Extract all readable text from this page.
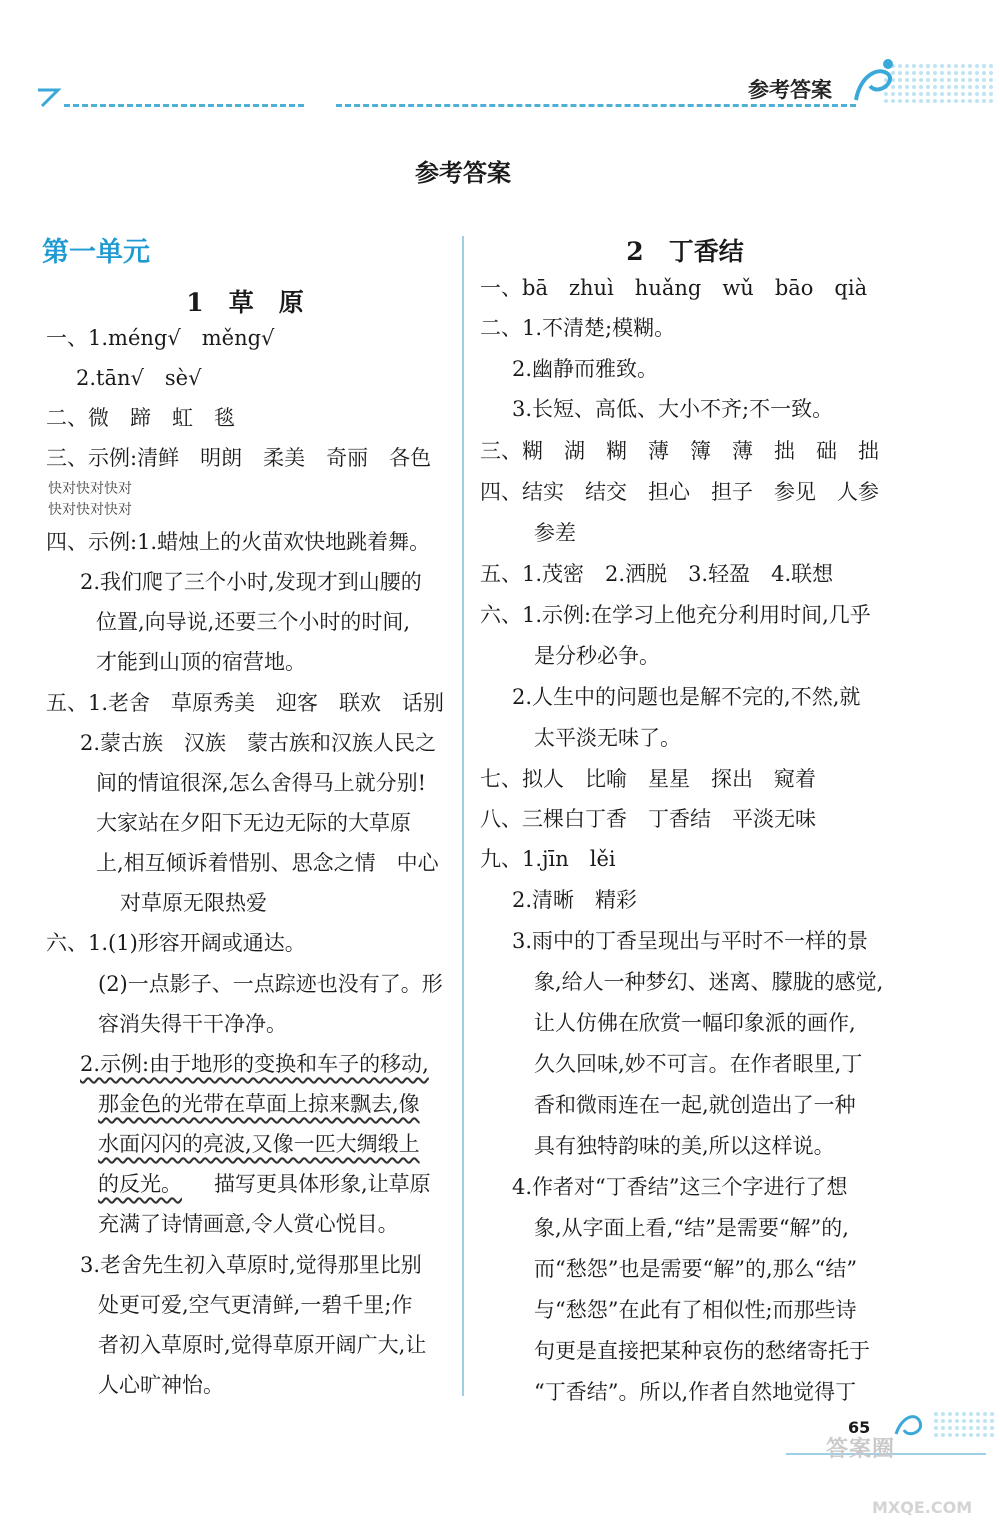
参考答案
参考答案
第一单元
1　草　原
一、1.méng√　měng√
2.tān√　sè√
二、微　蹄　虹　毯
三、示例:清鲜　明朗　柔美　奇丽　各色
快对快对快对
快对快对快对
四、示例:1.蜡烛上的火苗欢快地跳着舞。
2.我们爬了三个小时,发现才到山腰的
位置,向导说,还要三个小时的时间,
才能到山顶的宿营地。
五、1.老舍　草原秀美　迎客　联欢　话别
2.蒙古族　汉族　蒙古族和汉族人民之
间的情谊很深,怎么舍得马上就分别!
大家站在夕阳下无边无际的大草原
上,相互倾诉着惜别、思念之情　中心
对草原无限热爱
六、1.(1)形容开阔或通达。
(2)一点影子、一点踪迹也没有了。形
容消失得干干净净。
2.示例:由于地形的变换和车子的移动,
那金色的光带在草面上掠来飘去,像
水面闪闪的亮波,又像一匹大绸缎上
的反光。 描写更具体形象,让草原
充满了诗情画意,令人赏心悦目。
3.老舍先生初入草原时,觉得那里比别
处更可爱,空气更清鲜,一碧千里;作
者初入草原时,觉得草原开阔广大,让
人心旷神怡。
2　丁香结
一、bā　zhuì　huǎng　wǔ　bāo　qià
二、1.不清楚;模糊。
2.幽静而雅致。
3.长短、高低、大小不齐;不一致。
三、糊　湖　糊　薄　簿　薄　拙　础　拙
四、结实　结交　担心　担子　参见　人参
参差
五、1.茂密　2.洒脱　3.轻盈　4.联想
六、1.示例:在学习上他充分利用时间,几乎
是分秒必争。
2.人生中的问题也是解不完的,不然,就
太平淡无味了。
七、拟人　比喻　星星　探出　窥着
八、三棵白丁香　丁香结　平淡无味
九、1.jīn　lěi
2.清晰　精彩
3.雨中的丁香呈现出与平时不一样的景
象,给人一种梦幻、迷离、朦胧的感觉,
让人仿佛在欣赏一幅印象派的画作,
久久回味,妙不可言。在作者眼里,丁
香和微雨连在一起,就创造出了一种
具有独特韵味的美,所以这样说。
4.作者对“丁香结”这三个字进行了想
象,从字面上看,“结”是需要“解”的,
而“愁怨”也是需要“解”的,那么“结”
与“愁怨”在此有了相似性;而那些诗
句更是直接把某种哀伤的愁绪寄托于
“丁香结”。所以,作者自然地觉得丁
65
答案圈
MXQE.COM
